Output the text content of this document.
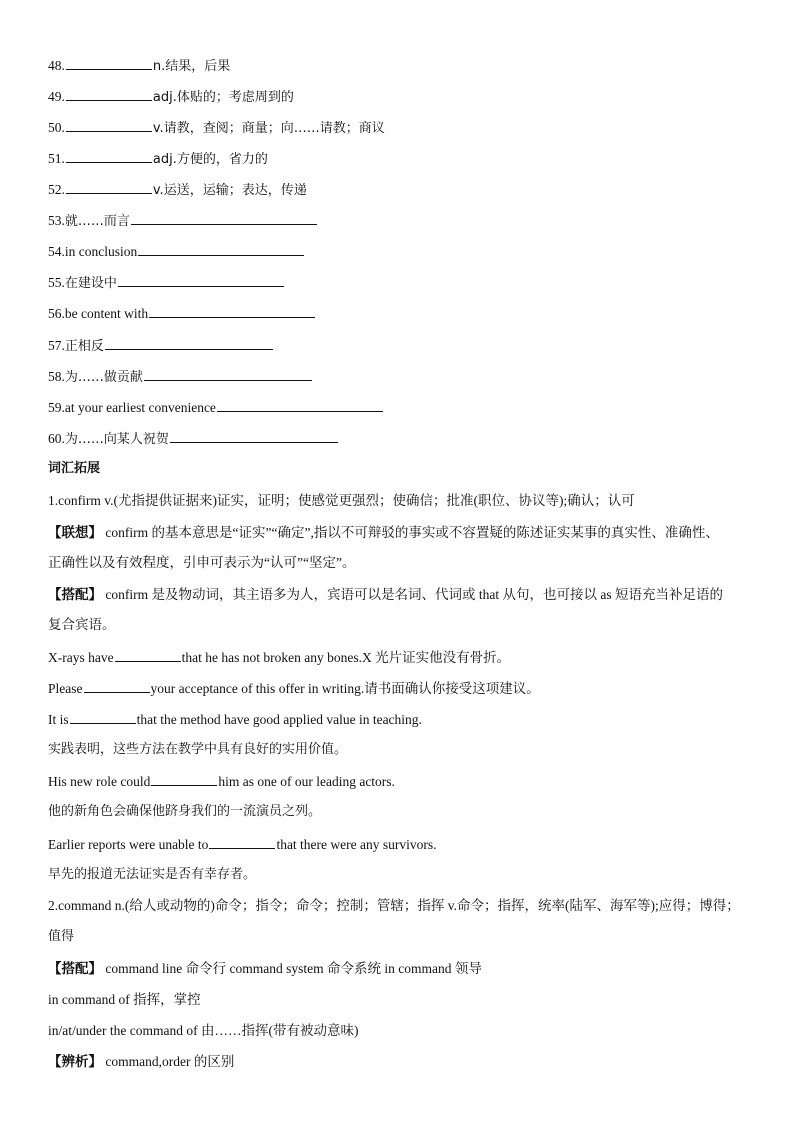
48.	n.结果，后果
49.	adj.体贴的；考虑周到的
50.	v.请教，查阅；商量；向……请教；商议
51.	adj.方便的，省力的
52.	v.运送，运输；表达，传递
53.就……而言
54.in conclusion
55.在建设中
56.be content with
57.正相反
58.为……做贡献
59.at your earliest convenience
60.为……向某人祝贺
词汇拓展
1.confirm v.(尤指提供证据来)证实，证明；使感觉更强烈；使确信；批准(职位、协议等);确认；认可
【联想】 confirm 的基本意思是“证实”“确定”,指以不可辩驳的事实或不容置疑的陈述证实某事的真实性、准确性、
正确性以及有效程度，引申可表示为“认可”“坚定”。
【搭配】 confirm 是及物动词，其主语多为人，宾语可以是名词、代词或 that 从句，也可接以 as 短语充当补足语的
复合宾语。
X-rays have	that he has not broken any bones.X 光片证实他没有骨折。
Please	your acceptance of this offer in writing.请书面确认你接受这项建议。
It is	that the method have good applied value in teaching.
实践表明，这些方法在教学中具有良好的实用价值。
His new role could	him as one of our leading actors.
他的新角色会确保他跻身我们的一流演员之列。
Earlier reports were unable to	that there were any survivors.
早先的报道无法证实是否有幸存者。
2.command n.(给人或动物的)命令；指令；命令；控制；管辖；指挥 v.命令；指挥，统率(陆军、海军等);应得；博得；
值得
【搭配】 command line 命令行 command system 命令系统 in command 领导
in command of 指挥，掌控
in/at/under the command of 由……指挥(带有被动意味)
【辨析】 command,order 的区别
